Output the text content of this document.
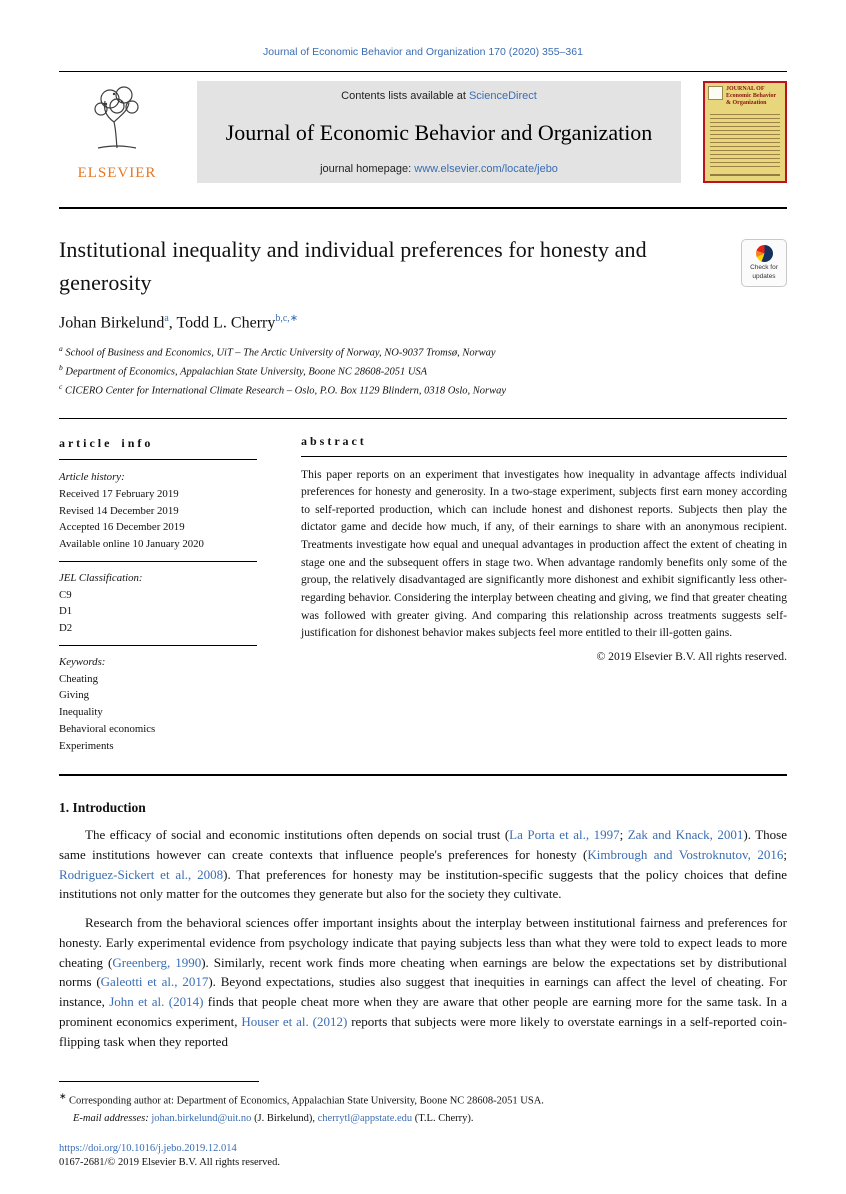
Journal of Economic Behavior and Organization 170 (2020) 355–361
ELSEVIER
Contents lists available at ScienceDirect
Journal of Economic Behavior and Organization
journal homepage: www.elsevier.com/locate/jebo
JOURNAL OF Economic Behavior & Organization
Institutional inequality and individual preferences for honesty and generosity
Check for updates

Johan Birkelund$^a$, Todd L. Cherry$^{b,c,∗}$

$^a$ School of Business and Economics, UiT – The Arctic University of Norway, NO-9037 Tromsø, Norway
$^b$ Department of Economics, Appalachian State University, Boone NC 28608-2051 USA
$^c$ CICERO Center for International Climate Research – Oslo, P.O. Box 1129 Blindern, 0318 Oslo, Norway
a r t i c l e    i n f o
Article history:
Received 17 February 2019
Revised 14 December 2019
Accepted 16 December 2019
Available online 10 January 2020
JEL Classification:
C9
D1
D2
Keywords:
Cheating
Giving
Inequality
Behavioral economics
Experiments
a b s t r a c t

This paper reports on an experiment that investigates how inequality in advantage affects individual preferences for honesty and generosity. In a two-stage experiment, subjects first earn money according to self-reported production, which can include honest and dishonest reports. Subjects then play the dictator game and decide how much, if any, of their earnings to share with an anonymous recipient. Treatments investigate how equal and unequal advantages in production affect the extent of cheating in stage one and the subsequent offers in stage two. When advantage randomly benefits only some of the group, the relatively disadvantaged are significantly more dishonest and exhibit significantly less other-regarding behavior. Considering the interplay between cheating and giving, we find that greater cheating was followed with greater giving. And comparing this relationship across treatments suggests self-justification for dishonest behavior makes subjects feel more entitled to their ill-gotten gains.

© 2019 Elsevier B.V. All rights reserved.

1. Introduction

The efficacy of social and economic institutions often depends on social trust (La Porta et al., 1997; Zak and Knack, 2001). Those same institutions however can create contexts that influence people's preferences for honesty (Kimbrough and Vostroknutov, 2016; Rodriguez-Sickert et al., 2008). That preferences for honesty may be institution-specific suggests that the policy choices that define institutions not only matter for the outcomes they generate but also for the society they cultivate.

Research from the behavioral sciences offer important insights about the interplay between institutional fairness and preferences for honesty. Early experimental evidence from psychology indicate that paying subjects less than what they were told to expect leads to more cheating (Greenberg, 1990). Similarly, recent work finds more cheating when earnings are below the expectations set by distributional norms (Galeotti et al., 2017). Beyond expectations, studies also suggest that inequities in earnings can affect the level of cheating. For instance, John et al. (2014) finds that people cheat more when they are aware that other people are earning more for the same task. In a prominent economics experiment, Houser et al. (2012) reports that subjects were more likely to overstate earnings in a self-reported coin-flipping task when they reported

∗ Corresponding author at: Department of Economics, Appalachian State University, Boone NC 28608-2051 USA.

E-mail addresses: johan.birkelund@uit.no (J. Birkelund), cherrytl@appstate.edu (T.L. Cherry).

https://doi.org/10.1016/j.jebo.2019.12.014

0167-2681/© 2019 Elsevier B.V. All rights reserved.
